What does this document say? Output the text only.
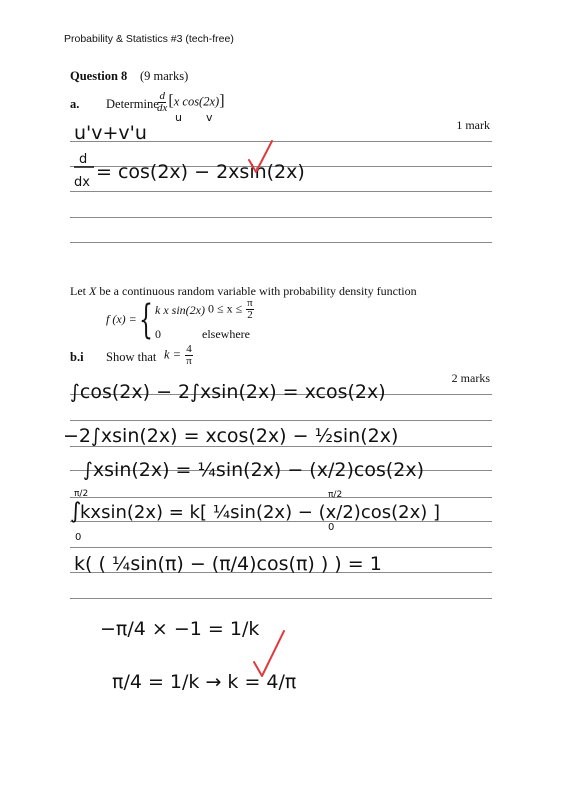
Probability & Statistics #3 (tech-free)
Question 8 (9 marks)
a. Determine
$\frac{d}{dx} [x$ cos(2x)]
1 mark
Let X be a continuous random variable with probability density function
f (x) = { k x sin(2x) $0 \le x \le \frac{\pi}{2}$
0	elsewhere
b.i Show that $k = \frac{4}{\pi}$
2 marks
u v
u'v+v'u
d
dx = cos(2x) − 2xsin(2x)
∫cos(2x) − 2∫xsin(2x) = xcos(2x)
−2∫xsin(2x) = xcos(2x) − ½sin(2x)
∫xsin(2x) = ¼sin(2x) − (x/2)cos(2x)
π/2
∫
0
kxsin(2x) = k[ ¼sin(2x) − (x/2)cos(2x) ]
π/2
0
k( ( ¼sin(π) − (π/4)cos(π) ) ) = 1
−π/4 × −1 = 1/k
π/4 = 1/k → k = 4/π
